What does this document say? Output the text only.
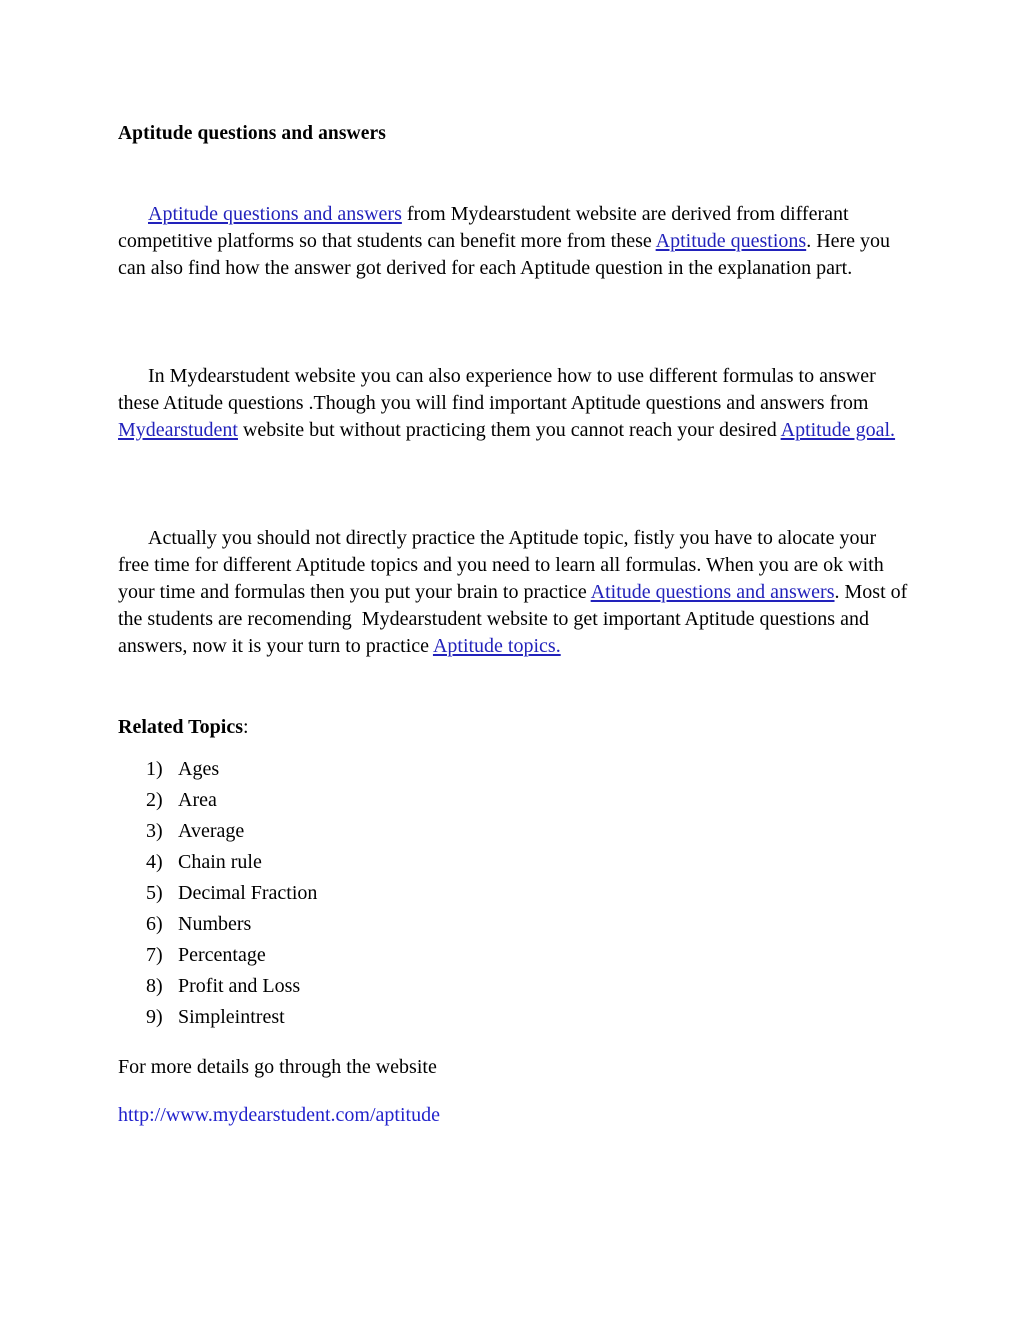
Aptitude questions and answers

Aptitude questions and answers from Mydearstudent website are derived from differant competitive platforms so that students can benefit more from these Aptitude questions. Here you can also find how the answer got derived for each Aptitude question in the explanation part.

In Mydearstudent website you can also experience how to use different formulas to answer these Atitude questions .Though you will find important Aptitude questions and answers from Mydearstudent website but without practicing them you cannot reach your desired Aptitude goal.

Actually you should not directly practice the Aptitude topic, fistly you have to alocate your free time for different Aptitude topics and you need to learn all formulas. When you are ok with your time and formulas then you put your brain to practice Atitude questions and answers. Most of the students are recomending  Mydearstudent website to get important Aptitude questions and answers, now it is your turn to practice Aptitude topics.

Related Topics:

1) Ages
2) Area
3) Average
4) Chain rule
5) Decimal Fraction
6) Numbers
7) Percentage
8) Profit and Loss
9) Simpleintrest

For more details go through the website

http://www.mydearstudent.com/aptitude
